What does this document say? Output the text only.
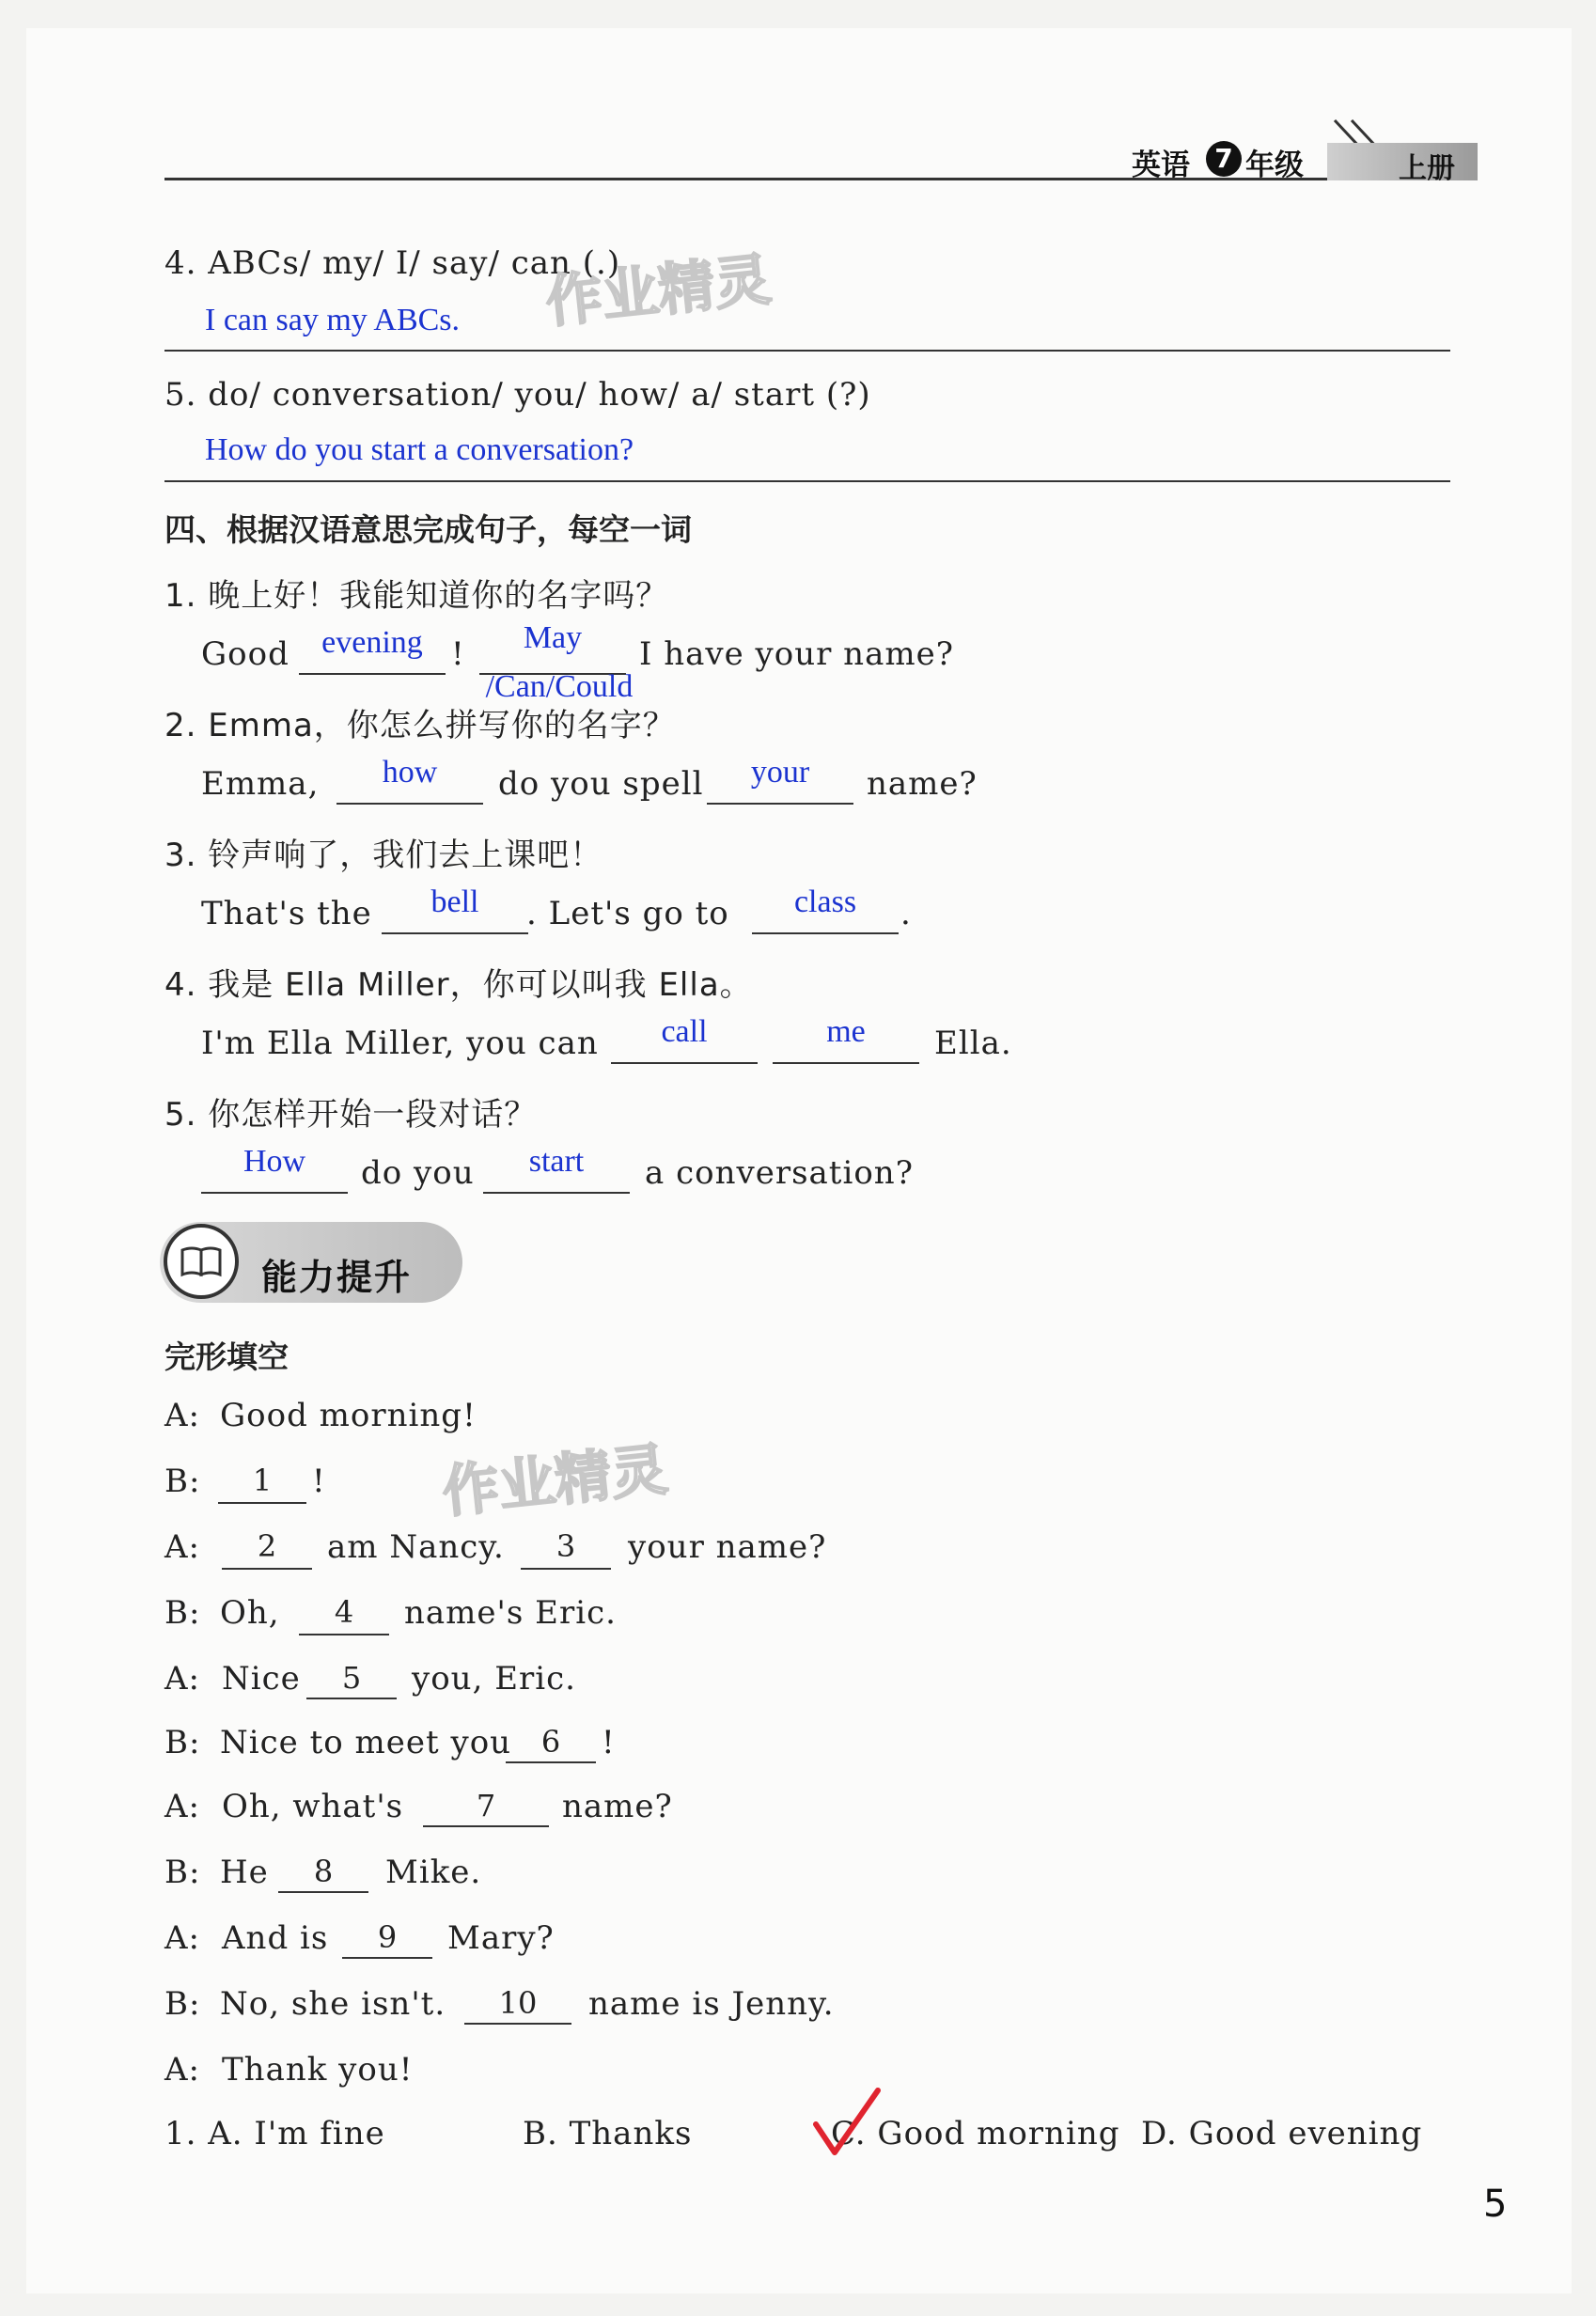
英语 7 年级	上册
4. ABCs/ my/ I/ say/ can (.)
I can say my ABCs. 作业精灵
5. do/ conversation/ you/ how/ a/ start (?)
How do you start a conversation?
四、根据汉语意思完成句子，每空一词
1. 晚上好！我能知道你的名字吗？
Good	evening !	May
/Can/Could
I have your name?
2. Emma，你怎么拼写你的名字？
Emma,	how	do you spell	your	name?
3. 铃声响了，我们去上课吧！
That's the	bell	. Let's go to	class	.
4. 我是 Ella Miller，你可以叫我 Ella。
I'm Ella Miller, you can	call	me	Ella.
5. 你怎样开始一段对话？
How	do you	start	a conversation?
能力提升
完形填空
作业精灵
A: Good morning!
B:	1	!
A:	2	am Nancy.	3	your name?
B: Oh,	4	name's Eric.
A: Nice	5	you, Eric.
B: Nice to meet you 6	!
A: Oh, what's	7	name?
B: He	8	Mike.
A: And is	9	Mary?
B: No, she isn't.	10	name is Jenny.
A: Thank you!
1. A. I'm fine	B. Thanks	C. Good morning D. Good evening
5
